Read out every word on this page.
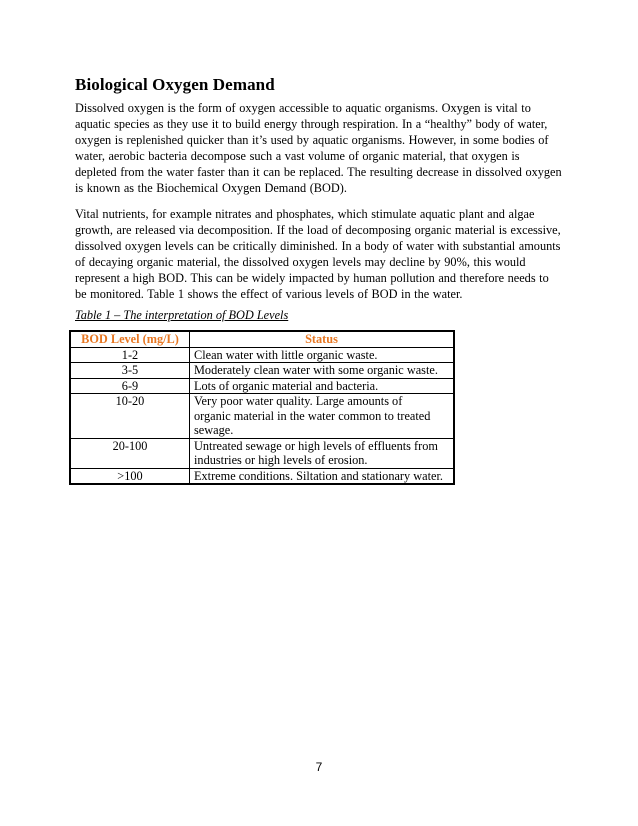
Biological Oxygen Demand
Dissolved oxygen is the form of oxygen accessible to aquatic organisms. Oxygen is vital to
aquatic species as they use it to build energy through respiration. In a “healthy” body of water,
oxygen is replenished quicker than it’s used by aquatic organisms. However, in some bodies of
water, aerobic bacteria decompose such a vast volume of organic material, that oxygen is
depleted from the water faster than it can be replaced. The resulting decrease in dissolved oxygen
is known as the Biochemical Oxygen Demand (BOD).
Vital nutrients, for example nitrates and phosphates, which stimulate aquatic plant and algae
growth, are released via decomposition. If the load of decomposing organic material is excessive,
dissolved oxygen levels can be critically diminished. In a body of water with substantial amounts
of decaying organic material, the dissolved oxygen levels may decline by 90%, this would
represent a high BOD. This can be widely impacted by human pollution and therefore needs to
be monitored. Table 1 shows the effect of various levels of BOD in the water.
Table 1 – The interpretation of BOD Levels
BOD Level (mg/L)	Status
1-2	Clean water with little organic waste.
3-5	Moderately clean water with some organic waste.
6-9	Lots of organic material and bacteria.
10-20	Very poor water quality. Large amounts of
organic material in the water common to treated
sewage.
20-100	Untreated sewage or high levels of effluents from
industries or high levels of erosion.
>100	Extreme conditions. Siltation and stationary water.
7
